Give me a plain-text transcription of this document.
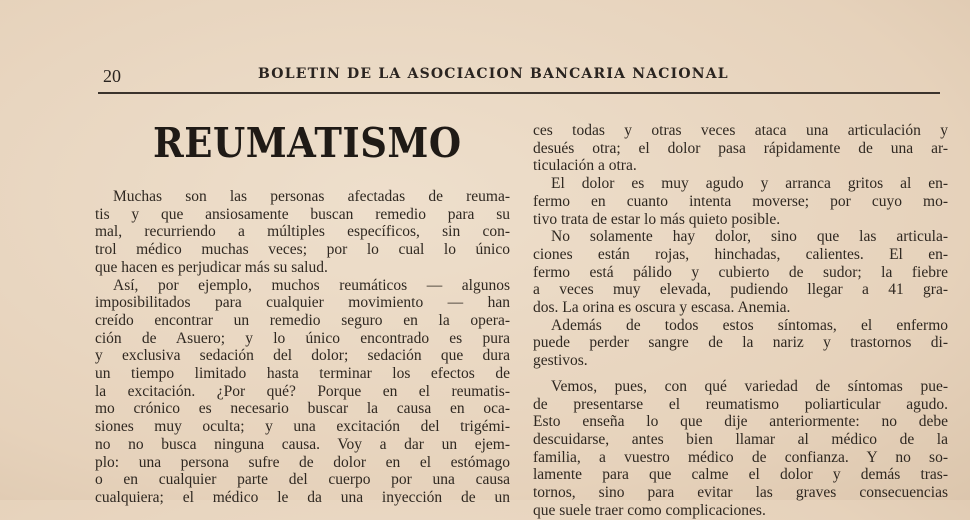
20	BOLETIN DE LA ASOCIACION BANCARIA NACIONAL
REUMATISMO
Muchas son las personas afectadas de reuma-
tis y que ansiosamente buscan remedio para su
mal, recurriendo a múltiples específicos, sin con-
trol médico muchas veces; por lo cual lo único
que hacen es perjudicar más su salud.
Así, por ejemplo, muchos reumáticos — algunos
imposibilitados para cualquier movimiento — han
creído encontrar un remedio seguro en la opera-
ción de Asuero; y lo único encontrado es pura
y exclusiva sedación del dolor; sedación que dura
un tiempo limitado hasta terminar los efectos de
la excitación. ¿Por qué? Porque en el reumatis-
mo crónico es necesario buscar la causa en oca-
siones muy oculta; y una excitación del trigémi-
no no busca ninguna causa. Voy a dar un ejem-
plo: una persona sufre de dolor en el estómago
o en cualquier parte del cuerpo por una causa
cualquiera; el médico le da una inyección de un
ces todas y otras veces ataca una articulación y
desués otra; el dolor pasa rápidamente de una ar-
ticulación a otra.
El dolor es muy agudo y arranca gritos al en-
fermo en cuanto intenta moverse; por cuyo mo-
tivo trata de estar lo más quieto posible.
No solamente hay dolor, sino que las articula-
ciones están rojas, hinchadas, calientes. El en-
fermo está pálido y cubierto de sudor; la fiebre
a veces muy elevada, pudiendo llegar a 41 gra-
dos. La orina es oscura y escasa. Anemia.
Además de todos estos síntomas, el enfermo
puede perder sangre de la nariz y trastornos di-
gestivos.
Vemos, pues, con qué variedad de síntomas pue-
de presentarse el reumatismo poliarticular agudo.
Esto enseña lo que dije anteriormente: no debe
descuidarse, antes bien llamar al médico de la
familia, a vuestro médico de confianza. Y no so-
lamente para que calme el dolor y demás tras-
tornos, sino para evitar las graves consecuencias
que suele traer como complicaciones.
